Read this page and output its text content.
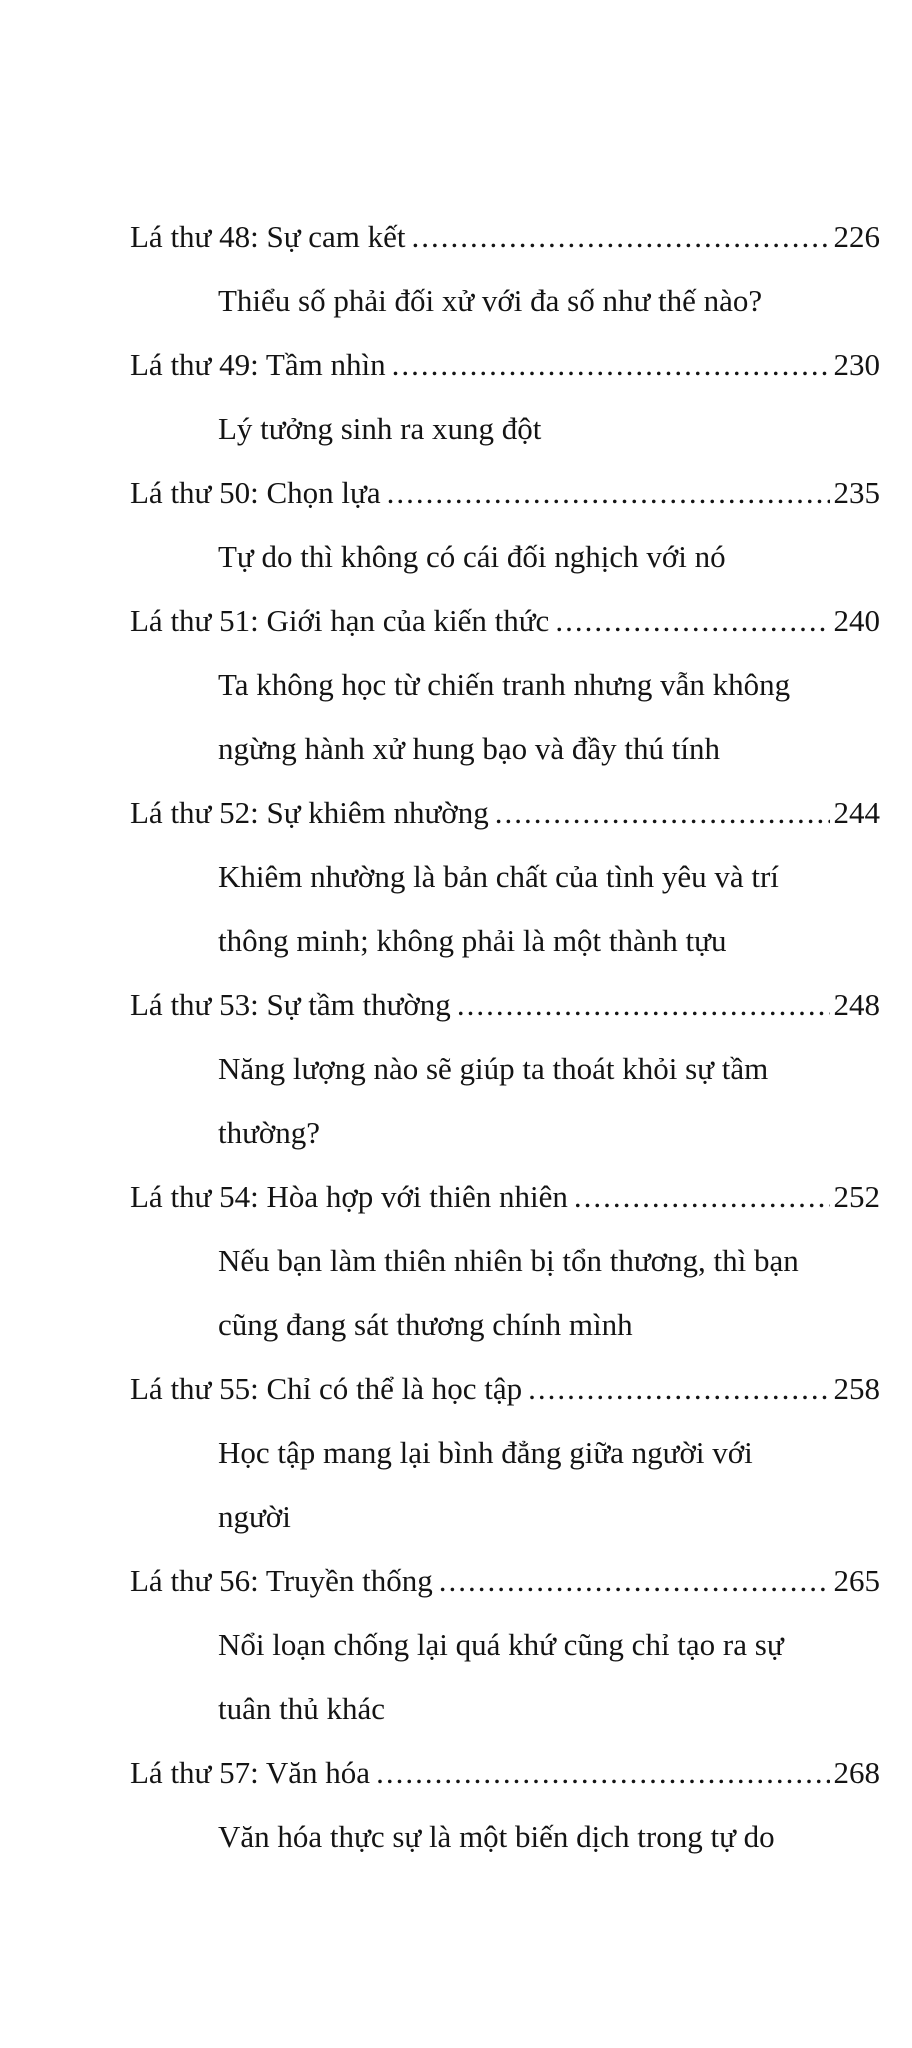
Lá thư 48: Sự cam kết .....	226
Thiểu số phải đối xử với đa số như thế nào?
Lá thư 49: Tầm nhìn .....	230
Lý tưởng sinh ra xung đột
Lá thư 50: Chọn lựa .....	235
Tự do thì không có cái đối nghịch với nó
Lá thư 51: Giới hạn của kiến thức .....	240
Ta không học từ chiến tranh nhưng vẫn không ngừng hành xử hung bạo và đầy thú tính
Lá thư 52: Sự khiêm nhường .....	244
Khiêm nhường là bản chất của tình yêu và trí thông minh; không phải là một thành tựu
Lá thư 53: Sự tầm thường .....	248
Năng lượng nào sẽ giúp ta thoát khỏi sự tầm thường?
Lá thư 54: Hòa hợp với thiên nhiên .....	252
Nếu bạn làm thiên nhiên bị tổn thương, thì bạn cũng đang sát thương chính mình
Lá thư 55: Chỉ có thể là học tập .....	258
Học tập mang lại bình đẳng giữa người với người
Lá thư 56: Truyền thống .....	265
Nổi loạn chống lại quá khứ cũng chỉ tạo ra sự tuân thủ khác
Lá thư 57: Văn hóa .....	268
Văn hóa thực sự là một biến dịch trong tự do
